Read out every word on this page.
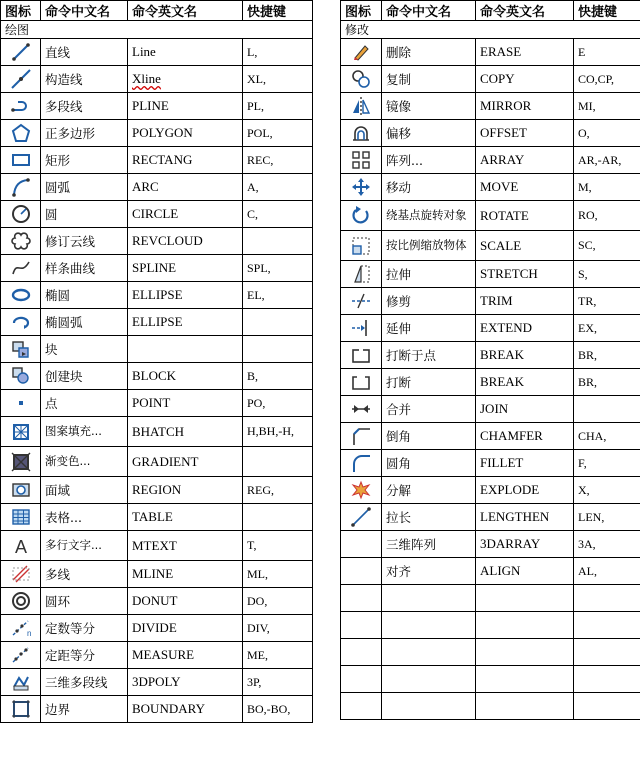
图标	命令中文名	命令英文名	快捷键
绘图			

	直线	Line	L,

	构造线	Xline	XL,

	多段线	PLINE	PL,

	正多边形	POLYGON	POL,

	矩形	RECTANG	REC,

	圆弧	ARC	A,

	圆	CIRCLE	C,

	修订云线	REVCLOUD	

	样条曲线	SPLINE	SPL,

	椭圆	ELLIPSE	EL,

	椭圆弧	ELLIPSE	

	块		

	创建块	BLOCK	B,

	点	POINT	PO,

	图案填充...	BHATCH	H,BH,-H,

	渐变色...	GRADIENT	

	面域	REGION	REG,

	表格...	TABLE	

A	多行文字...	MTEXT	T,

	多线	MLINE	ML,

	圆环	DONUT	DO,

n	定数等分	DIVIDE	DIV,

	定距等分	MEASURE	ME,

	三维多段线	3DPOLY	3P,

	边界	BOUNDARY	BO,-BO,
图标	命令中文名	命令英文名	快捷键
修改			

	删除	ERASE	E

	复制	COPY	CO,CP,

	镜像	MIRROR	MI,

	偏移	OFFSET	O,

	阵列...	ARRAY	AR,-AR,

	移动	MOVE	M,

	绕基点旋转对象	ROTATE	RO,

	按比例缩放物体	SCALE	SC,

	拉伸	STRETCH	S,

	修剪	TRIM	TR,

	延伸	EXTEND	EX,

	打断于点	BREAK	BR,

	打断	BREAK	BR,

	合并	JOIN	

	倒角	CHAMFER	CHA,

	圆角	FILLET	F,

	分解	EXPLODE	X,

	拉长	LENGTHEN	LEN,
	三维阵列	3DARRAY	3A,
	对齐	ALIGN	AL,
